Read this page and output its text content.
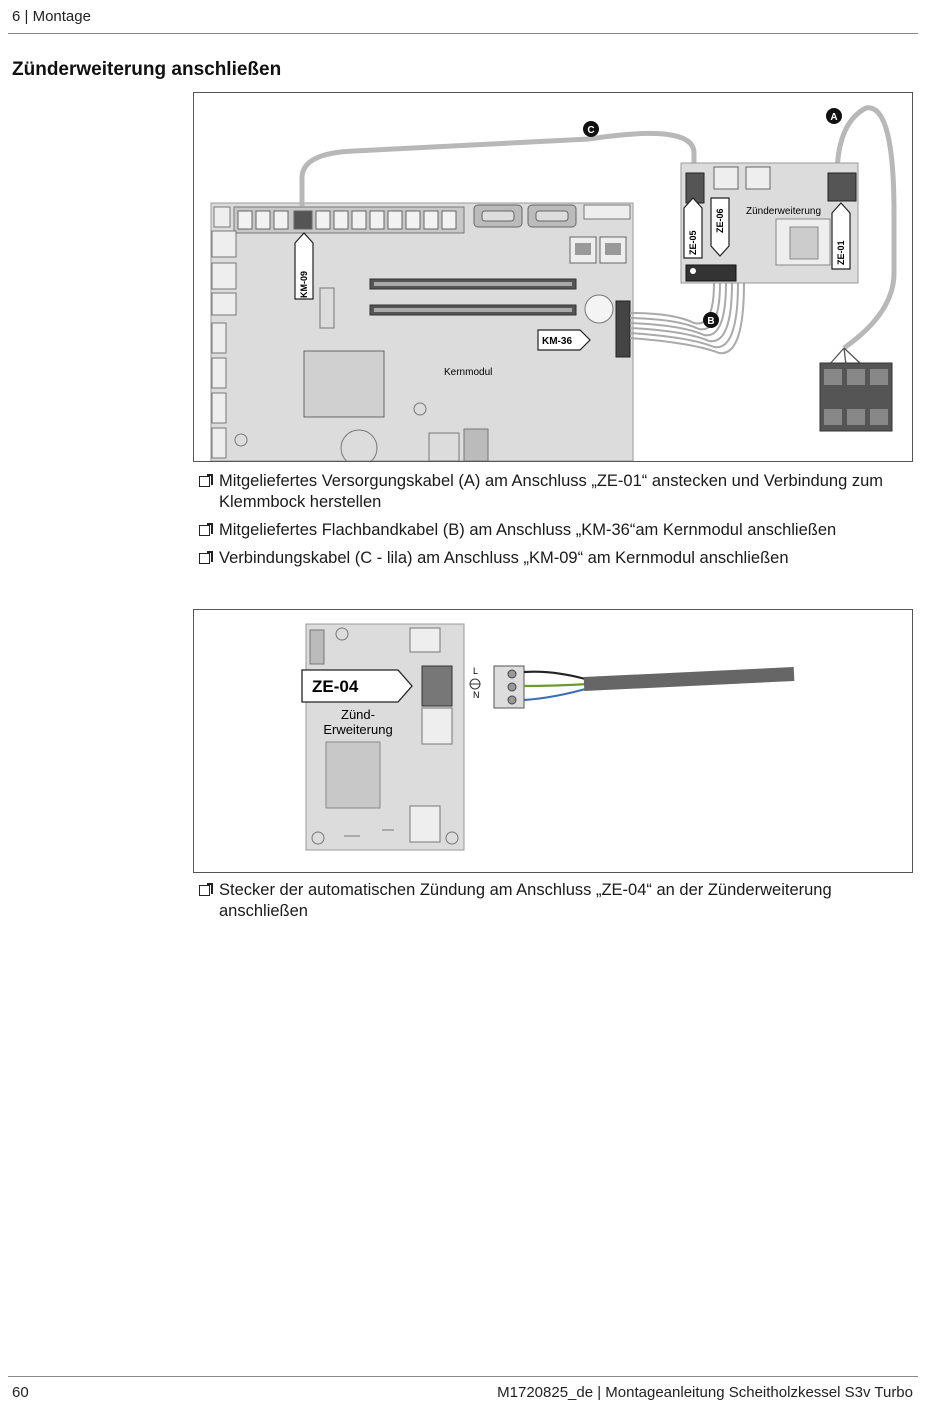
6 | Montage
Zünderweiterung anschließen
KM-09
KM-36
Kernmodul
ZE-05
ZE-06
ZE-01
Zünderweiterung
A
B
C
Mitgeliefertes Versorgungskabel (A) am Anschluss „ZE-01“ anstecken und Verbindung zum Klemmbock herstellen
Mitgeliefertes Flachbandkabel (B) am Anschluss „KM-36“am Kernmodul anschließen
Verbindungskabel (C - lila) am Anschluss „KM-09“ am Kernmodul anschließen
ZE-04
Zünd-
Erweiterung
L
N
Stecker der automatischen Zündung am Anschluss „ZE-04“ an der Zünderweiterung anschließen
60	M1720825_de | Montageanleitung Scheitholzkessel S3v Turbo
